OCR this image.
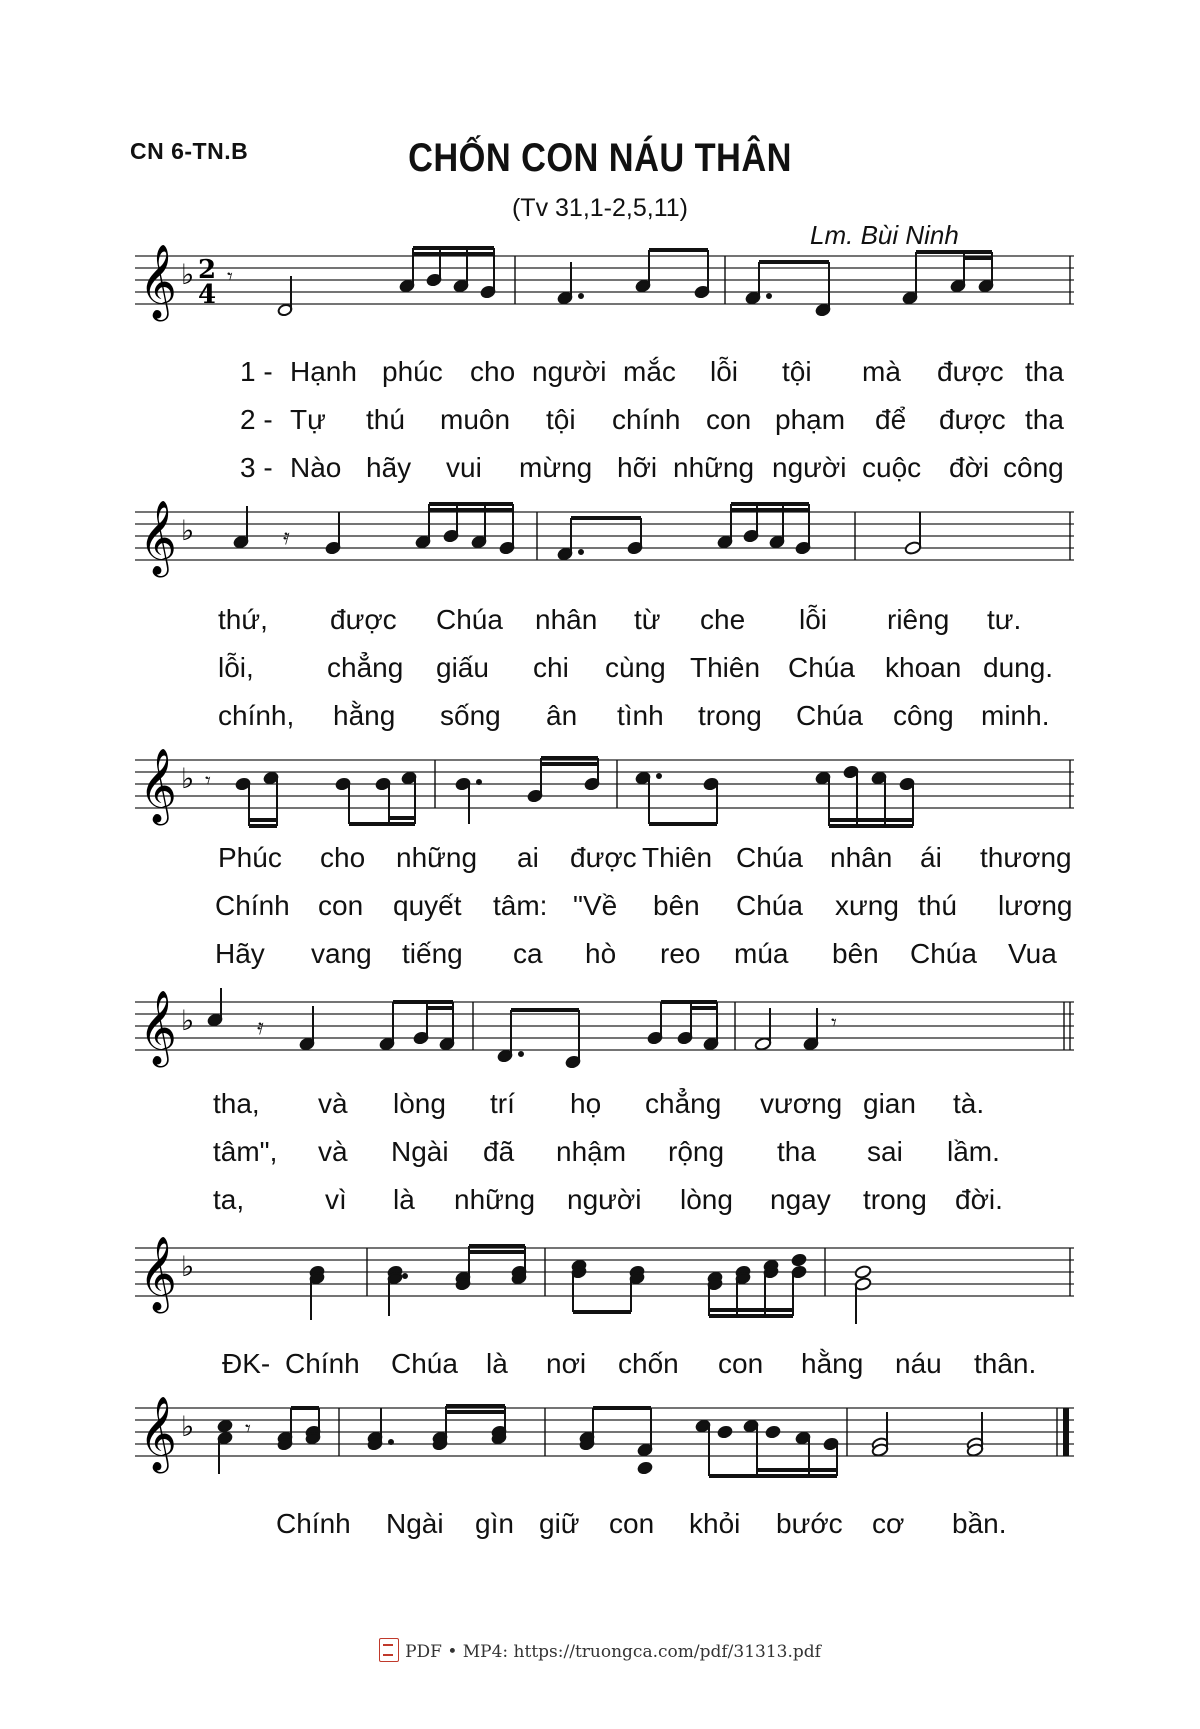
CN 6-TN.B	CHỐN CON NÁU THÂN
(Tv 31,1-2,5,11)
Lm. Bùi Ninh
𝄞 ♭ 2
4
𝄾
1 - Hạnh phúc cho người mắc lỗi tội mà được tha
2 - Tự thú muôn tội chính con phạm để được tha
3 - Nào hãy vui mừng hỡi những người cuộc đời công
𝄞 ♭	𝄿
thứ, được Chúa nhân từ che lỗi riêng tư.
lỗi,	chẳng giấu chi cùng Thiên Chúa khoan dung.
chính, hằng sống ân tình trong Chúa công minh.
𝄞 ♭ 𝄾
Phúc cho những ai được Thiên Chúa nhân ái thương
Chính con quyết tâm: "Về bên Chúa xưng thú lương
Hãy vang tiếng ca hò reo múa bên Chúa Vua
𝄞 ♭	𝄿	𝄾
tha, và lòng trí họ chẳng vương gian tà.
tâm", và Ngài đã nhậm rộng tha sai lầm.
ta,	vì là những người lòng ngay trong đời.
𝄞 ♭
ĐK- Chính Chúa là nơi chốn con hằng náu thân.
𝄞 ♭ 𝄾
Chính Ngài gìn giữ con khỏi bước cơ bần.
PDF • MP4: https://truongca.com/pdf/31313.pdf
